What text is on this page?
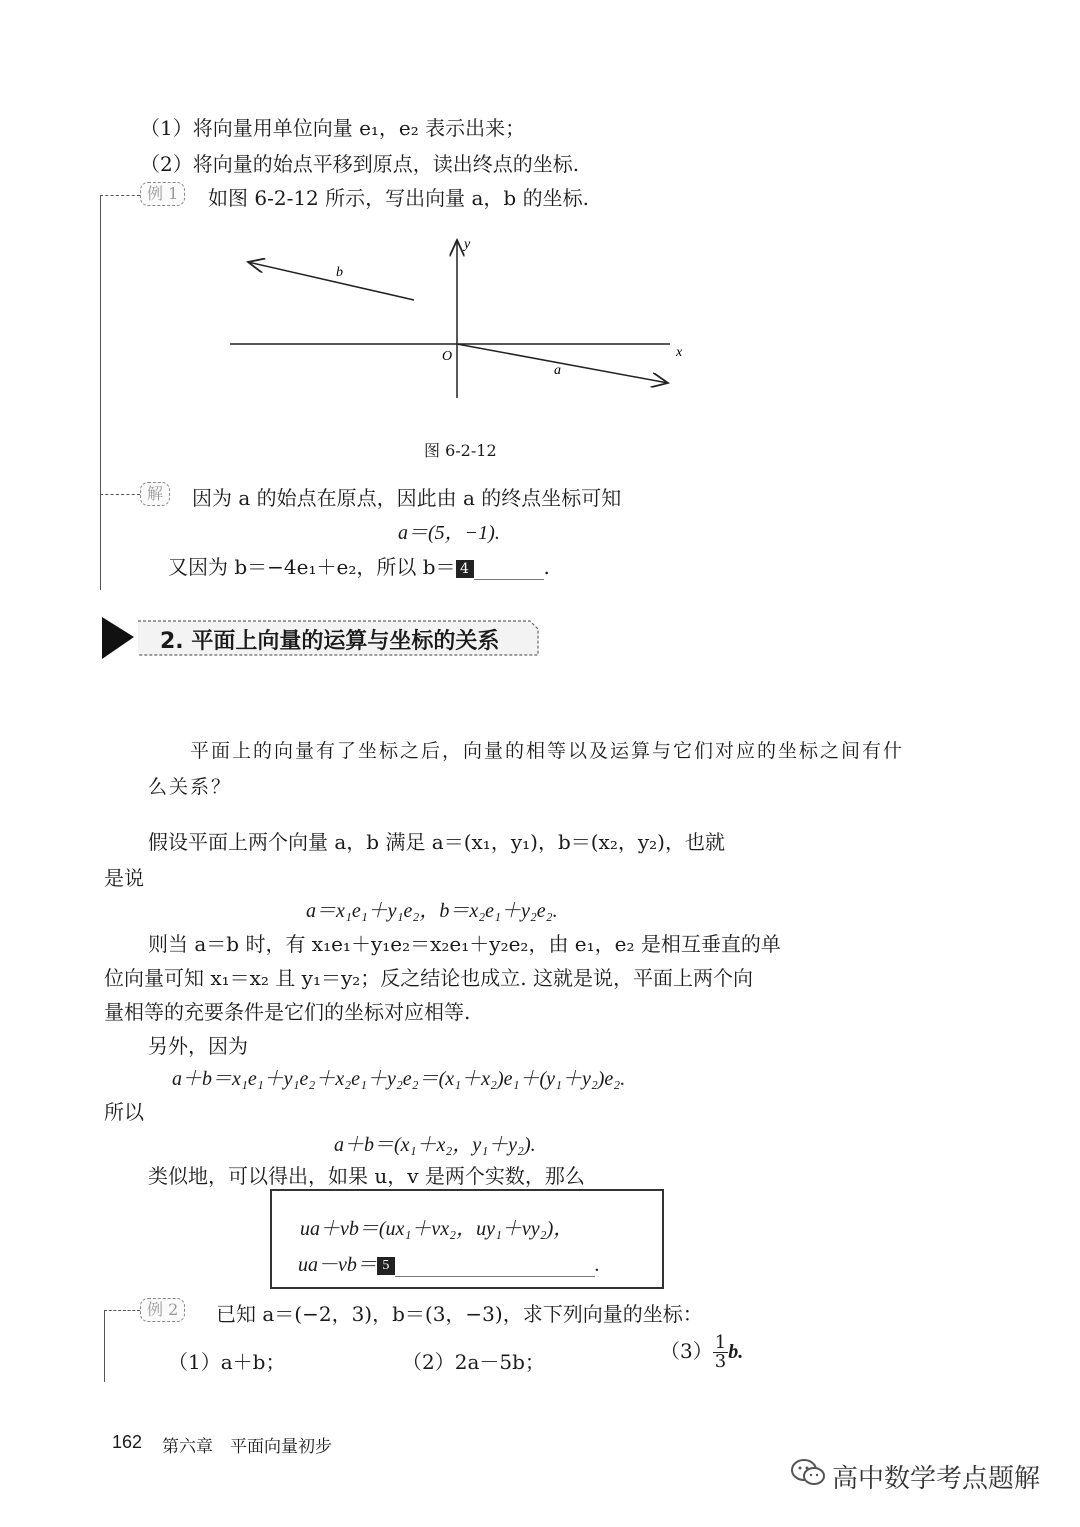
（1）将向量用单位向量 e₁，e₂ 表示出来；
（2）将向量的始点平移到原点，读出终点的坐标.
例 1	如图 6-2-12 所示，写出向量 a，b 的坐标.
y
x
O
b
a
图 6-2-12
解	因为 a 的始点在原点，因此由 a 的终点坐标可知
a＝(5，−1).
又因为 b＝−4e₁＋e₂，所以 b＝ 4	.
2. 平面上向量的运算与坐标的关系
平面上的向量有了坐标之后，向量的相等以及运算与它们对应的坐标之间有什
么关系？
假设平面上两个向量 a，b 满足 a＝(x₁，y₁)，b＝(x₂，y₂)，也就
是说
a＝x₁e₁＋y₁e₂，b＝x₂e₁＋y₂e₂.
则当 a＝b 时，有 x₁e₁＋y₁e₂＝x₂e₁＋y₂e₂，由 e₁，e₂ 是相互垂直的单
位向量可知 x₁＝x₂ 且 y₁＝y₂；反之结论也成立. 这就是说，平面上两个向
量相等的充要条件是它们的坐标对应相等.
另外，因为
a＋b＝x₁e₁＋y₁e₂＋x₂e₁＋y₂e₂＝(x₁＋x₂)e₁＋(y₁＋y₂)e₂.
所以
a＋b＝(x₁＋x₂，y₁＋y₂).
类似地，可以得出，如果 u，v 是两个实数，那么
ua＋vb＝(ux₁＋vx₂，uy₁＋vy₂)，
ua－vb＝ 5	.
例 2	已知 a＝(−2，3)，b＝(3，−3)，求下列向量的坐标：
（1）a＋b；	（2）2a－5b；	$(3) \frac{1}{3} b$.
162 第六章　平面向量初步
高中数学考点题解
